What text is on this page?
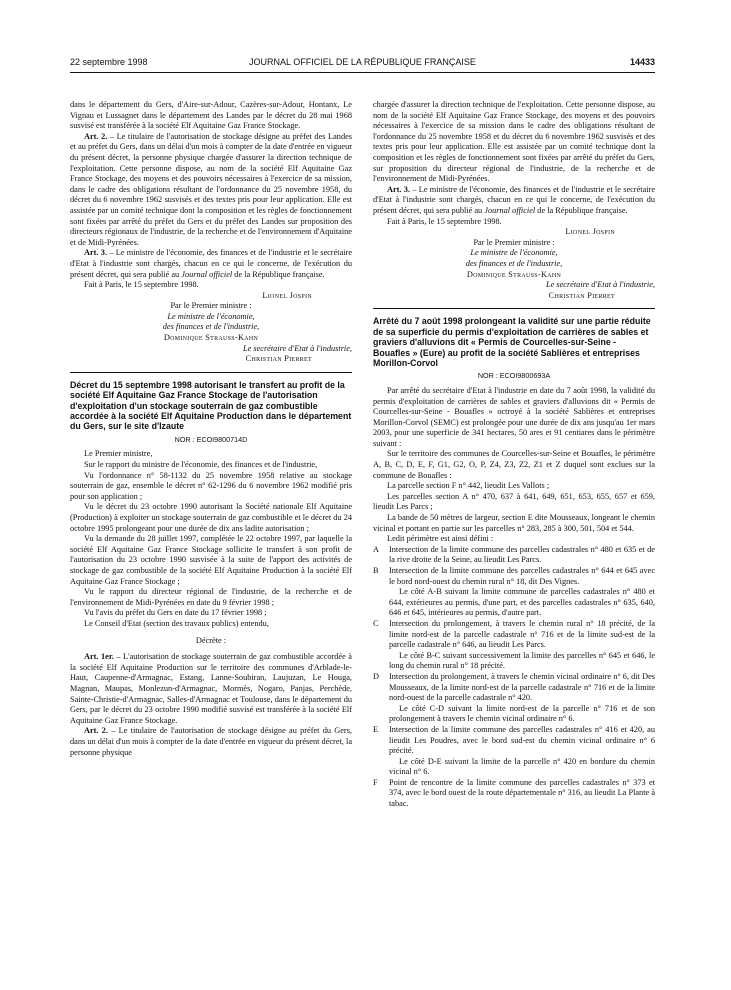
22 septembre 1998	JOURNAL OFFICIEL DE LA RÉPUBLIQUE FRANÇAISE	14433

dans le département du Gers, d'Aire-sur-Adour, Cazères-sur-Adour, Hontanx, Le Vignau et Lussagnet dans le département des Landes par le décret du 28 mai 1968 susvisé est transférée à la société Elf Aquitaine Gaz France Stockage.

Art. 2. – Le titulaire de l'autorisation de stockage désigne au préfet des Landes et au préfet du Gers, dans un délai d'un mois à compter de la date d'entrée en vigueur du présent décret, la personne physique chargée d'assurer la direction technique de l'exploitation. Cette personne dispose, au nom de la société Elf Aquitaine Gaz France Stockage, des moyens et des pouvoirs nécessaires à l'exercice de sa mission, dans le cadre des obligations résultant de l'ordonnance du 25 novembre 1958, du décret du 6 novembre 1962 susvisés et des textes pris pour leur application. Elle est assistée par un comité technique dont la composition et les règles de fonctionnement sont fixées par arrêté du préfet du Gers et du préfet des Landes sur proposition des directeurs régionaux de l'industrie, de la recherche et de l'environnement d'Aquitaine et de Midi-Pyrénées.

Art. 3. – Le ministre de l'économie, des finances et de l'industrie et le secrétaire d'Etat à l'industrie sont chargés, chacun en ce qui le concerne, de l'exécution du présent décret, qui sera publié au Journal officiel de la République française.

Fait à Paris, le 15 septembre 1998.

Lionel Jospin

Par le Premier ministre :

Le ministre de l'économie,

des finances et de l'industrie,

Dominique Strauss-Kahn

Le secrétaire d'Etat à l'industrie,

Christian Pierret

Décret du 15 septembre 1998 autorisant le transfert au profit de la société Elf Aquitaine Gaz France Stockage de l'autorisation d'exploitation d'un stockage souterrain de gaz combustible accordée à la société Elf Aquitaine Production dans le département du Gers, sur le site d'Izaute

NOR : ECOI9800714D

Le Premier ministre,

Sur le rapport du ministre de l'économie, des finances et de l'industrie,

Vu l'ordonnance n° 58-1132 du 25 novembre 1958 relative au stockage souterrain de gaz, ensemble le décret n° 62-1296 du 6 novembre 1962 modifié pris pour son application ;

Vu le décret du 23 octobre 1990 autorisant la Société nationale Elf Aquitaine (Production) à exploiter un stockage souterrain de gaz combustible et le décret du 24 octobre 1995 prolongeant pour une durée de dix ans ladite autorisation ;

Vu la demande du 28 juillet 1997, complétée le 22 octobre 1997, par laquelle la société Elf Aquitaine Gaz France Stockage sollicite le transfert à son profit de l'autorisation du 23 octobre 1990 susvisée à la suite de l'apport des activités de stockage de gaz combustible de la société Elf Aquitaine Production à la société Elf Aquitaine Gaz France Stockage ;

Vu le rapport du directeur régional de l'industrie, de la recherche et de l'environnement de Midi-Pyrénées en date du 9 février 1998 ;

Vu l'avis du préfet du Gers en date du 17 février 1998 ;

Le Conseil d'Etat (section des travaux publics) entendu,

Décrète :

Art. 1er. – L'autorisation de stockage souterrain de gaz combustible accordée à la société Elf Aquitaine Production sur le territoire des communes d'Arblade-le-Haut, Caupenne-d'Armagnac, Estang, Lanne-Soubiran, Laujuzan, Le Houga, Magnan, Maupas, Monlezun-d'Armagnac, Mormès, Nogaro, Panjas, Perchède, Sainte-Christie-d'Armagnac, Salles-d'Armagnac et Toulouse, dans le département du Gers, par le décret du 23 octobre 1990 modifié susvisé est transférée à la société Elf Aquitaine Gaz France Stockage.

Art. 2. – Le titulaire de l'autorisation de stockage désigne au préfet du Gers, dans un délai d'un mois à compter de la date d'entrée en vigueur du présent décret, la personne physique

chargée d'assurer la direction technique de l'exploitation. Cette personne dispose, au nom de la société Elf Aquitaine Gaz France Stockage, des moyens et des pouvoirs nécessaires à l'exercice de sa mission dans le cadre des obligations résultant de l'ordonnance du 25 novembre 1958 et du décret du 6 novembre 1962 susvisés et des textes pris pour leur application. Elle est assistée par un comité technique dont la composition et les règles de fonctionnement sont fixées par arrêté du préfet du Gers, sur proposition du directeur régional de l'industrie, de la recherche et de l'environnement de Midi-Pyrénées.

Art. 3. – Le ministre de l'économie, des finances et de l'industrie et le secrétaire d'Etat à l'industrie sont chargés, chacun en ce qui le concerne, de l'exécution du présent décret, qui sera publié au Journal officiel de la République française.

Fait à Paris, le 15 septembre 1998.

Lionel Jospin

Par le Premier ministre :

Le ministre de l'économie,

des finances et de l'industrie,

Dominique Strauss-Kahn

Le secrétaire d'Etat à l'industrie,

Christian Pierret

Arrêté du 7 août 1998 prolongeant la validité sur une partie réduite de sa superficie du permis d'exploitation de carrières de sables et graviers d'alluvions dit « Permis de Courcelles-sur-Seine - Bouafles » (Eure) au profit de la société Sablières et entreprises Morillon-Corvol

NOR : ECOI9800693A

Par arrêté du secrétaire d'Etat à l'industrie en date du 7 août 1998, la validité du permis d'exploitation de carrières de sables et graviers d'alluvions dit « Permis de Courcelles-sur-Seine - Bouafles » octroyé à la société Sablières et entreprises Morillon-Corvol (SEMC) est prolongée pour une durée de dix ans jusqu'au 1er mars 2003, pour une superficie de 341 hectares, 50 ares et 91 centiares dans le périmètre suivant :

Sur le territoire des communes de Courcelles-sur-Seine et Bouafles, le périmètre A, B, C, D, E, F, G1, G2, O, P, Z4, Z3, Z2, Z1 et Z duquel sont exclues sur la commune de Bouafles :

La parcelle section F n° 442, lieudit Les Vallots ;

Les parcelles section A n° 470, 637 à 641, 649, 651, 653, 655, 657 et 659, lieudit Les Parcs ;

La bande de 50 mètres de largeur, section E dite Mousseaux, longeant le chemin vicinal et portant en partie sur les parcelles n° 283, 285 à 300, 501, 504 et 544.

Ledit périmètre est ainsi défini :

A	Intersection de la limite commune des parcelles cadastrales n° 480 et 635 et de la rive droite de la Seine, au lieudit Les Parcs.
B	Intersection de la limite commune des parcelles cadastrales n° 644 et 645 avec le bord nord-ouest du chemin rural n° 18, dit Des Vignes.

Le côté A-B suivant la limite commune de parcelles cadastrales n° 480 et 644, extérieures au permis, d'une part, et des parcelles cadastrales n° 635, 640, 646 et 645, intérieures au permis, d'autre part.

C	Intersection du prolongement, à travers le chemin rural n° 18 précité, de la limite nord-est de la parcelle cadastrale n° 716 et de la limite sud-est de la parcelle cadastrale n° 646, au lieudit Les Parcs.

Le côté B-C suivant successivement la limite des parcelles n° 645 et 646, le long du chemin rural n° 18 précité.

D	Intersection du prolongement, à travers le chemin vicinal ordinaire n° 6, dit Des Mousseaux, de la limite nord-est de la parcelle cadastrale n° 716 et de la limite nord-ouest de la parcelle cadastrale n° 420.

Le côté C-D suivant la limite nord-est de la parcelle n° 716 et de son prolongement à travers le chemin vicinal ordinaire n° 6.

E	Intersection de la limite commune des parcelles cadastrales n° 416 et 420, au lieudit Les Poudres, avec le bord sud-est du chemin vicinal ordinaire n° 6 précité.

Le côté D-E suivant la limite de la parcelle n° 420 en bordure du chemin vicinal n° 6.

F	Point de rencontre de la limite commune des parcelles cadastrales n° 373 et 374, avec le bord ouest de la route départementale n° 316, au lieudit La Plante à tabac.
